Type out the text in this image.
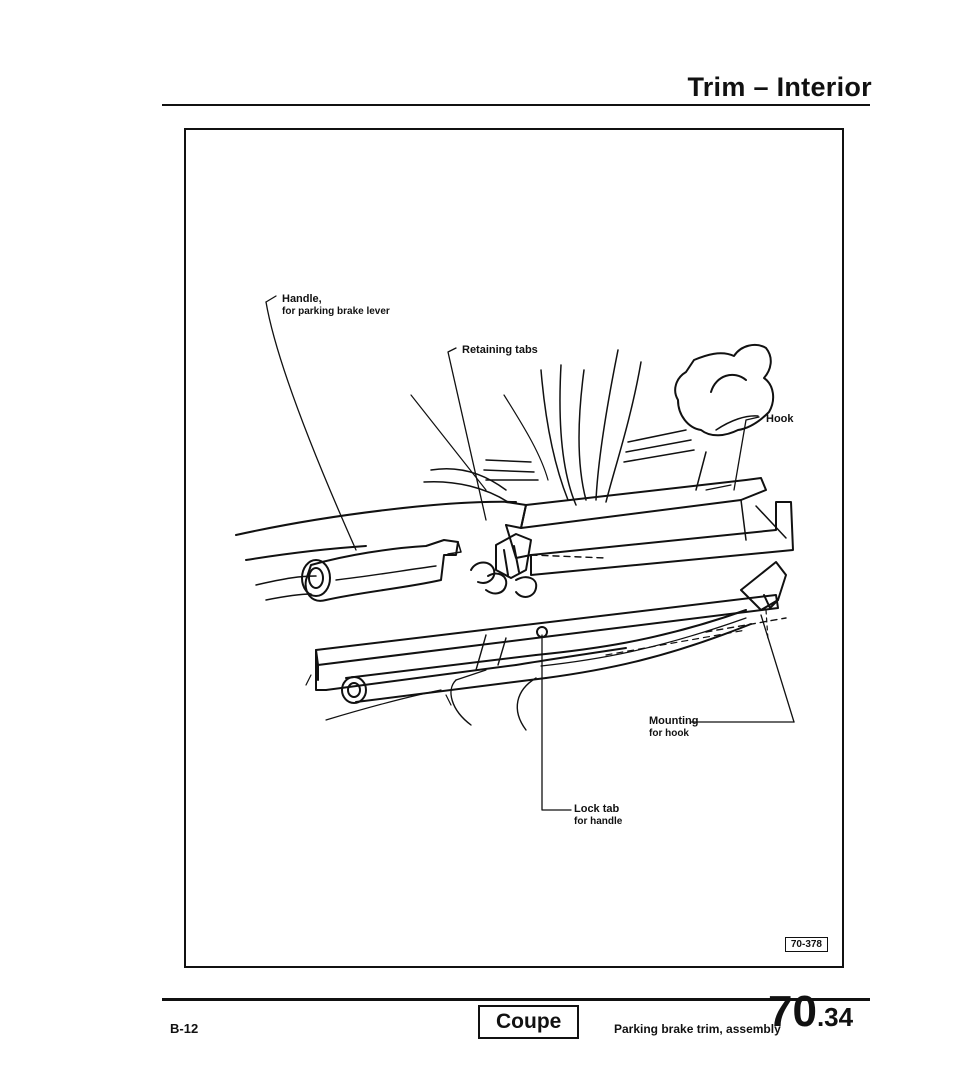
Trim – Interior
Handle,
for parking brake lever
Retaining tabs
Hook
Mounting
for hook
Lock tab
for handle
70-378
B-12	Coupe	Parking brake trim, assembly
70.34
